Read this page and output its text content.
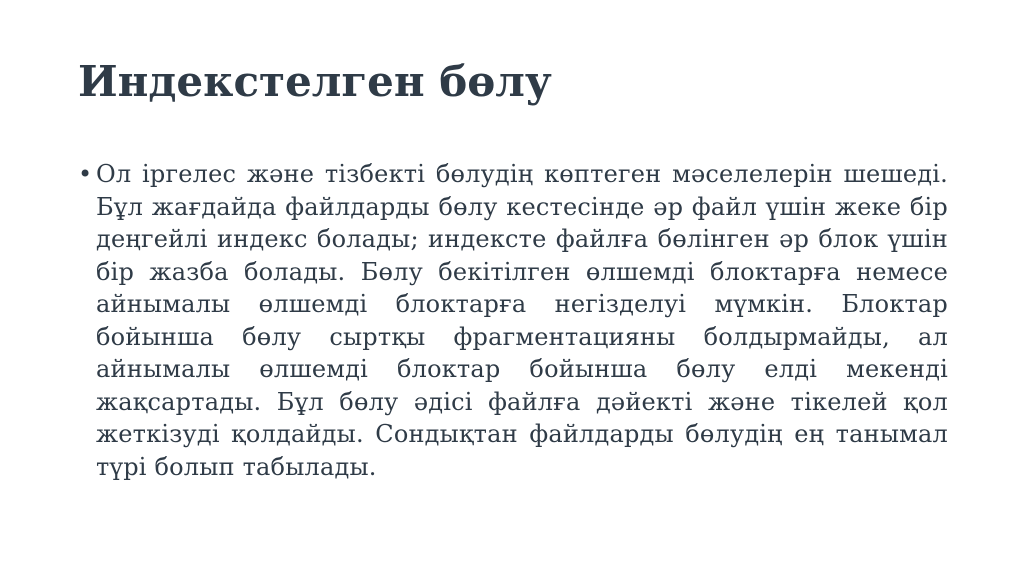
Индекстелген бөлу
• Ол іргелес және тізбекті бөлудің көптеген мәселелерін шешеді. Бұл жағдайда файлдарды бөлу кестесінде әр файл үшін жеке бір деңгейлі индекс болады; индексте файлға бөлінген әр блок үшін бір жазба болады. Бөлу бекітілген өлшемді блоктарға немесе айнымалы өлшемді блоктарға негізделуі мүмкін. Блоктар бойынша бөлу сыртқы фрагментацияны болдырмайды, ал айнымалы өлшемді блоктар бойынша бөлу елді мекенді жақсартады. Бұл бөлу әдісі файлға дәйекті және тікелей қол жеткізуді қолдайды. Сондықтан файлдарды бөлудің ең танымал түрі болып табылады.
